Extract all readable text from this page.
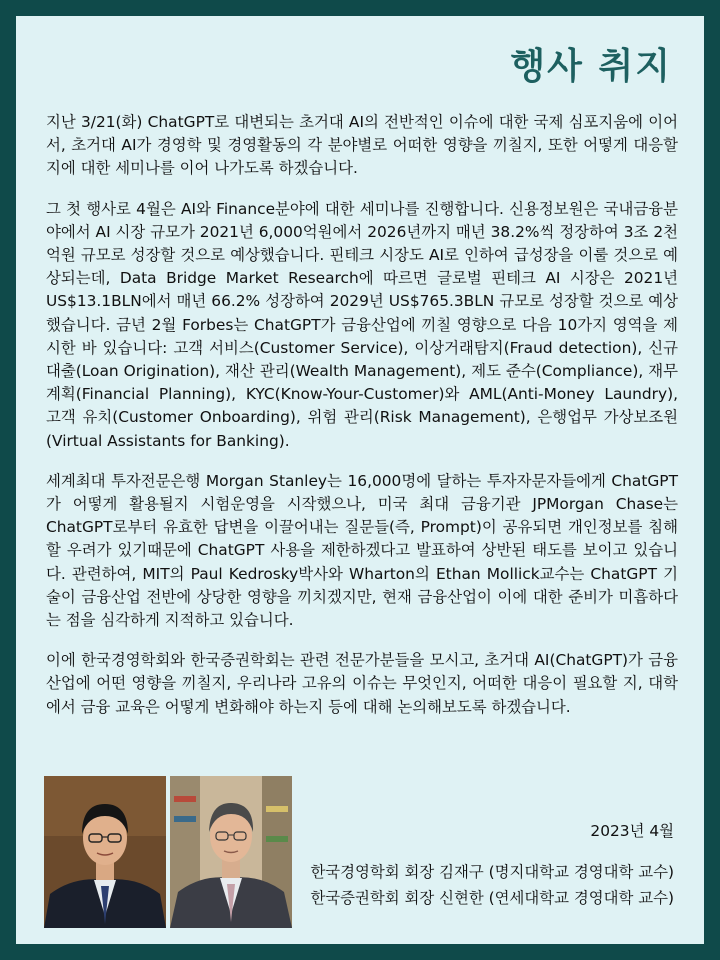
행사 취지

지난 3/21(화) ChatGPT로 대변되는 초거대 AI의 전반적인 이슈에 대한 국제 심포지움에 이어서, 초거대 AI가 경영학 및 경영활동의 각 분야별로 어떠한 영향을 끼칠지, 또한 어떻게 대응할지에 대한 세미나를 이어 나가도록 하겠습니다.

그 첫 행사로 4월은 AI와 Finance분야에 대한 세미나를 진행합니다. 신용정보원은 국내금융분야에서 AI 시장 규모가 2021년 6,000억원에서 2026년까지 매년 38.2%씩 정장하여 3조 2천억원 규모로 성장할 것으로 예상했습니다. 핀테크 시장도 AI로 인하여 급성장을 이룰 것으로 예상되는데, Data Bridge Market Research에 따르면 글로벌 핀테크 AI 시장은 2021년 US$13.1BLN에서 매년 66.2% 성장하여 2029년 US$765.3BLN 규모로 성장할 것으로 예상했습니다. 금년 2월 Forbes는 ChatGPT가 금융산업에 끼칠 영향으로 다음 10가지 영역을 제시한 바 있습니다: 고객 서비스(Customer Service), 이상거래탐지(Fraud detection), 신규 대출(Loan Origination), 재산 관리(Wealth Management), 제도 준수(Compliance), 재무 계획(Financial Planning), KYC(Know-Your-Customer)와 AML(Anti-Money Laundry), 고객 유치(Customer Onboarding), 위험 관리(Risk Management), 은행업무 가상보조원(Virtual Assistants for Banking).

세계최대 투자전문은행 Morgan Stanley는 16,000명에 달하는 투자자문자들에게 ChatGPT가 어떻게 활용될지 시험운영을 시작했으나, 미국 최대 금융기관 JPMorgan Chase는 ChatGPT로부터 유효한 답변을 이끌어내는 질문들(즉, Prompt)이 공유되면 개인정보를 침해할 우려가 있기때문에 ChatGPT 사용을 제한하겠다고 발표하여 상반된 태도를 보이고 있습니다. 관련하여, MIT의 Paul Kedrosky박사와 Wharton의 Ethan Mollick교수는 ChatGPT 기술이 금융산업 전반에 상당한 영향을 끼치겠지만, 현재 금융산업이 이에 대한 준비가 미흡하다는 점을 심각하게 지적하고 있습니다.

이에 한국경영학회와 한국증권학회는 관련 전문가분들을 모시고, 초거대 AI(ChatGPT)가 금융산업에 어떤 영향을 끼칠지, 우리나라 고유의 이슈는 무엇인지, 어떠한 대응이 필요할 지, 대학에서 금융 교육은 어떻게 변화해야 하는지 등에 대해 논의해보도록 하겠습니다.

2023년 4월
한국경영학회 회장 김재구 (명지대학교 경영대학 교수)
한국증권학회 회장 신현한 (연세대학교 경영대학 교수)
